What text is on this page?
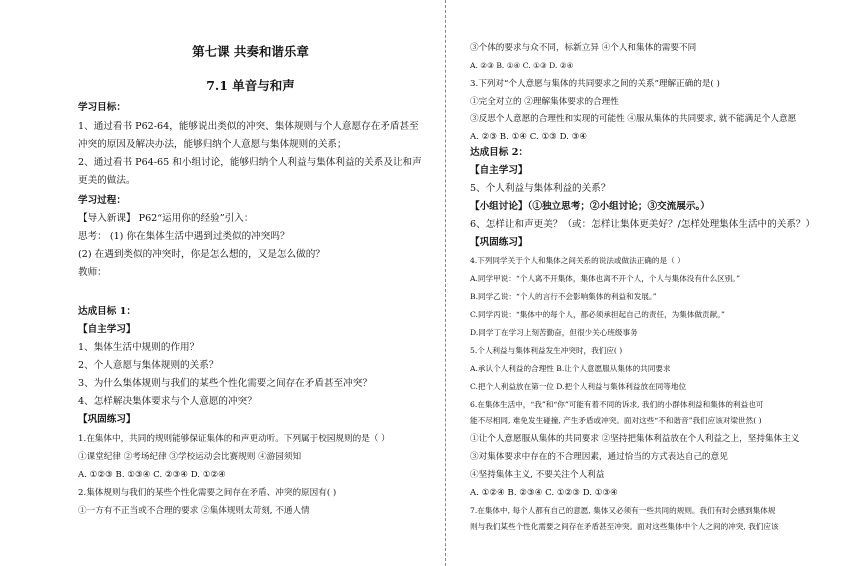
第七课 共奏和谐乐章
7.1 单音与和声
学习目标：
1、通过看书 P62-64，能够说出类似的冲突、集体规则与个人意愿存在矛盾甚至
冲突的原因及解决办法，能够归纳个人意愿与集体规则的关系；
2、通过看书 P64-65 和小组讨论，能够归纳个人利益与集体利益的关系及让和声
更美的做法。
学习过程：
【导入新课】 P62“运用你的经验”引入：
思考： (1) 你在集体生活中遇到过类似的冲突吗？
(2) 在遇到类似的冲突时，你是怎么想的，又是怎么做的？
教师：
达成目标 1：
【自主学习】
1、集体生活中规则的作用？
2、个人意愿与集体规则的关系？
3、为什么集体规则与我们的某些个性化需要之间存在矛盾甚至冲突？
4、怎样解决集体要求与个人意愿的冲突？
【巩固练习】
1.在集体中，共同的规则能够保证集体的和声更动听。下列属于校园规则的是（ ）
①课堂纪律 ②考场纪律 ③学校运动会比赛规则 ④游园须知
A. ①②③ B. ①③④ C. ②③④ D. ①②④
2.集体规则与我们的某些个性化需要之间存在矛盾、冲突的原因有( )
①一方有不正当或不合理的要求 ②集体规则太苛刻, 不通人情
③个体的要求与众不同，标新立异 ④个人和集体的需要不同
A. ②③ B. ①④ C. ①③ D. ②④
3.下列对“个人意愿与集体的共同要求之间的关系”理解正确的是( )
①完全对立的 ②理解集体要求的合理性
③反思个人意愿的合理性和实现的可能性 ④服从集体的共同要求, 就不能满足个人意愿
A. ②③ B. ①④ C. ①③ D. ③④
达成目标 2：
【自主学习】
5、个人利益与集体利益的关系？
【小组讨论】（①独立思考；②小组讨论；③交流展示。）
6、怎样让和声更美？（或：怎样让集体更美好？/怎样处理集体生活中的关系？）
【巩固练习】
4.下列同学关于个人和集体之间关系的说法或做法正确的是（ ）
A.同学甲说：“个人离不开集体，集体也离不开个人，个人与集体没有什么区别。”
B.同学乙说：“个人的言行不会影响集体的利益和发展。”
C.同学丙说：“集体中的每个人，都必须承担起自己的责任，为集体做贡献。”
D.同学丁在学习上刻苦勤奋，但很少关心班级事务
5.个人利益与集体利益发生冲突时，我们应( )
A.承认个人利益的合理性 B.让个人意愿服从集体的共同要求
C.把个人利益放在第一位 D.把个人利益与集体利益放在同等地位
6.在集体生活中，“我”和“你”可能有着不同的诉求, 我们的小群体利益和集体的利益也可
能不尽相同, 难免发生碰撞, 产生矛盾或冲突。面对这些“不和谐音”我们应该对梁世然( )
①让个人意愿服从集体的共同要求 ②坚持把集体利益放在个人利益之上，坚持集体主义
③对集体要求中存在的不合理因素，通过恰当的方式表达自己的意见
④坚持集体主义, 不要关注个人利益
A. ①②④ B. ②③④ C. ①②③ D. ①③④
7.在集体中, 每个人都有自己的意愿, 集体又必须有一些共同的规则。我们有时会感到集体规
则与我们某些个性化需要之间存在矛盾甚至冲突。面对这些集体中个人之间的冲突, 我们应该
